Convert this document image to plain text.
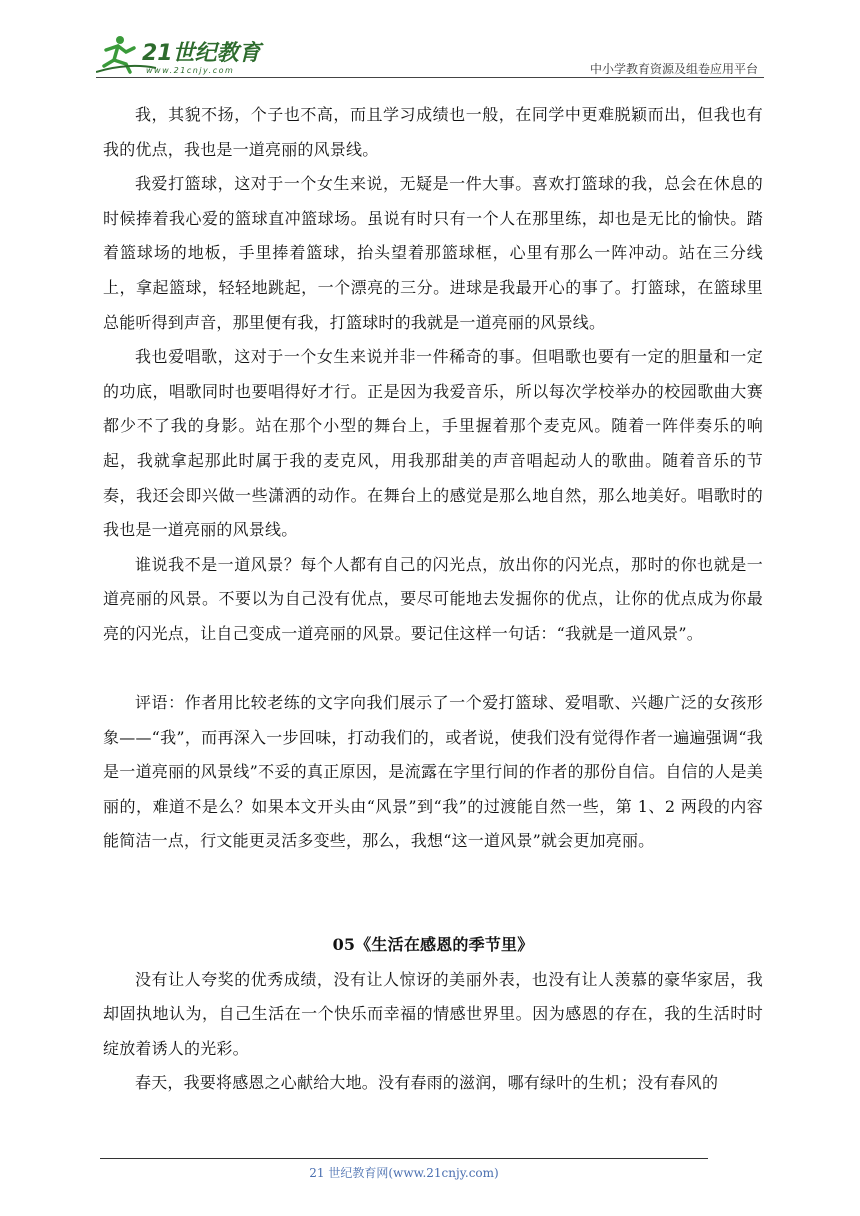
21世纪教育
www.21cnjy.com	中小学教育资源及组卷应用平台

我，其貌不扬，个子也不高，而且学习成绩也一般，在同学中更难脱颖而出，但我也有我的优点，我也是一道亮丽的风景线。

我爱打篮球，这对于一个女生来说，无疑是一件大事。喜欢打篮球的我，总会在休息的时候捧着我心爱的篮球直冲篮球场。虽说有时只有一个人在那里练，却也是无比的愉快。踏着篮球场的地板，手里捧着篮球，抬头望着那篮球框，心里有那么一阵冲动。站在三分线上，拿起篮球，轻轻地跳起，一个漂亮的三分。进球是我最开心的事了。打篮球，在篮球里总能听得到声音，那里便有我，打篮球时的我就是一道亮丽的风景线。

我也爱唱歌，这对于一个女生来说并非一件稀奇的事。但唱歌也要有一定的胆量和一定的功底，唱歌同时也要唱得好才行。正是因为我爱音乐，所以每次学校举办的校园歌曲大赛都少不了我的身影。站在那个小型的舞台上，手里握着那个麦克风。随着一阵伴奏乐的响起，我就拿起那此时属于我的麦克风，用我那甜美的声音唱起动人的歌曲。随着音乐的节奏，我还会即兴做一些潇洒的动作。在舞台上的感觉是那么地自然，那么地美好。唱歌时的我也是一道亮丽的风景线。

谁说我不是一道风景？每个人都有自己的闪光点，放出你的闪光点，那时的你也就是一道亮丽的风景。不要以为自己没有优点，要尽可能地去发掘你的优点，让你的优点成为你最亮的闪光点，让自己变成一道亮丽的风景。要记住这样一句话：“我就是一道风景”。

评语：作者用比较老练的文字向我们展示了一个爱打篮球、爱唱歌、兴趣广泛的女孩形象——“我”，而再深入一步回味，打动我们的，或者说，使我们没有觉得作者一遍遍强调“我是一道亮丽的风景线”不妥的真正原因，是流露在字里行间的作者的那份自信。自信的人是美丽的，难道不是么？如果本文开头由“风景”到“我”的过渡能自然一些，第 1、2 两段的内容能简洁一点，行文能更灵活多变些，那么，我想“这一道风景”就会更加亮丽。

05《生活在感恩的季节里》

没有让人夸奖的优秀成绩，没有让人惊讶的美丽外表，也没有让人羡慕的豪华家居，我却固执地认为，自己生活在一个快乐而幸福的情感世界里。因为感恩的存在，我的生活时时绽放着诱人的光彩。

春天，我要将感恩之心献给大地。没有春雨的滋润，哪有绿叶的生机；没有春风的

21 世纪教育网(www.21cnjy.com)
